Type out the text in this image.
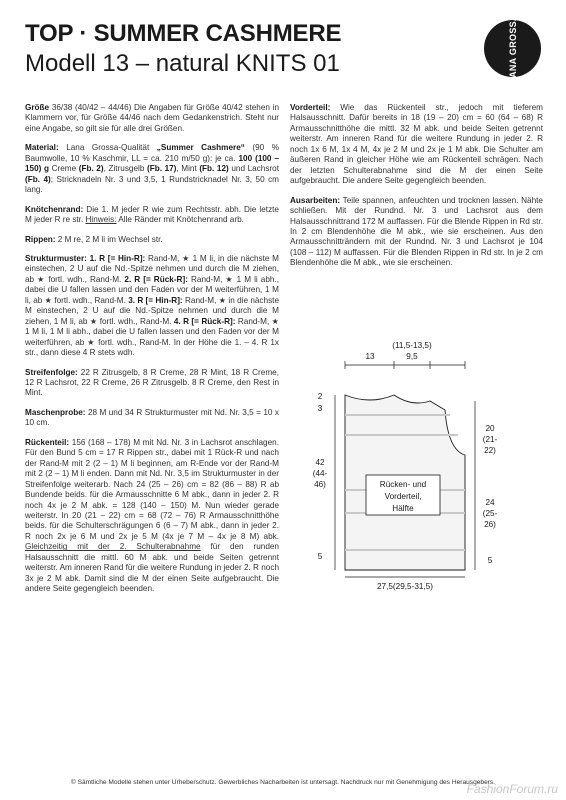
TOP · SUMMER CASHMERE
Modell 13 – natural KNITS 01	LANA GROSSA
Größe 36/38 (40/42 – 44/46) Die Angaben für Größe 40/42 stehen in Klammern vor, für Größe 44/46 nach dem Gedankenstrich. Steht nur eine Angabe, so gilt sie für alle drei Größen.
Material: Lana Grossa-Qualität „Summer Cashmere“ (90 % Baumwolle, 10 % Kaschmir, LL = ca. 210 m/50 g): je ca. 100 (100 – 150) g Creme (Fb. 2), Zitrusgelb (Fb. 17), Mint (Fb. 12) und Lachsrot (Fb. 4); Stricknadeln Nr. 3 und 3,5, 1 Rundstricknadel Nr. 3, 50 cm lang.
Knötchenrand: Die 1. M jeder R wie zum Rechtsstr. abh. Die letzte M jeder R re str. Hinweis: Alle Ränder mit Knötchenrand arb.
Rippen: 2 M re, 2 M li im Wechsel str.
Strukturmuster: 1. R [= Hin-R]: Rand-M, ★ 1 M li, in die nächste M einstechen, 2 U auf die Nd.-Spitze nehmen und durch die M ziehen, ab ★ fortl. wdh., Rand-M. 2. R [= Rück-R]: Rand-M, ★ 1 M li abh., dabei die U fallen lassen und den Faden vor der M weiterführen, 1 M li, ab ★ fortl. wdh., Rand-M. 3. R [= Hin-R]: Rand-M, ★ in die nächste M einstechen, 2 U auf die Nd.-Spitze nehmen und durch die M ziehen, 1 M li, ab ★ fortl. wdh., Rand-M. 4. R [= Rück-R]: Rand-M, ★ 1 M li, 1 M li abh., dabei die U fallen lassen und den Faden vor der M weiterführen, ab ★ fortl. wdh., Rand-M. In der Höhe die 1. – 4. R 1x str., dann diese 4 R stets wdh.
Streifenfolge: 22 R Zitrusgelb, 8 R Creme, 28 R Mint, 18 R Creme, 12 R Lachsrot, 22 R Creme, 26 R Zitrusgelb. 8 R Creme, den Rest in Mint.
Maschenprobe: 28 M und 34 R Strukturmuster mit Nd. Nr. 3,5 = 10 x 10 cm.
Rückenteil: 156 (168 – 178) M mit Nd. Nr. 3 in Lachsrot anschlagen. Für den Bund 5 cm = 17 R Rippen str., dabei mit 1 Rück-R und nach der Rand-M mit 2 (2 – 1) M li beginnen, am R-Ende vor der Rand-M mit 2 (2 – 1) M li enden. Dann mit Nd. Nr. 3,5 im Strukturmuster in der Streifenfolge weiterarb. Nach 24 (25 – 26) cm = 82 (86 – 88) R ab Bundende beids. für die Armausschnitte 6 M abk., dann in jeder 2. R noch 4x je 2 M abk. = 128 (140 – 150) M. Nun wieder gerade weiterstr. In 20 (21 – 22) cm = 68 (72 – 76) R Armausschnitthöhe beids. für die Schulterschrägungen 6 (6 – 7) M abk., dann in jeder 2. R noch 2x je 6 M und 2x je 5 M (4x je 7 M – 4x je 8 M) abk. Gleichzeitig mit der 2. Schulterabnahme für den runden Halsausschnitt die mittl. 60 M abk. und beide Seiten getrennt weiterstr. Am inneren Rand für die weitere Rundung in jeder 2. R noch 3x je 2 M abk. Damit sind die M der einen Seite aufgebraucht. Die andere Seite gegengleich beenden.
Vorderteil: Wie das Rückenteil str., jedoch mit tieferem Halsausschnitt. Dafür bereits in 18 (19 – 20) cm = 60 (64 – 68) R Armausschnitthöhe die mittl. 32 M abk. und beide Seiten getrennt weiterstr. Am inneren Rand für die weitere Rundung in jeder 2. R noch 1x 6 M, 1x 4 M, 4x je 2 M und 2x je 1 M abk. Die Schulter am äußeren Rand in gleicher Höhe wie am Rückenteil schrägen. Nach der letzten Schulterabnahme sind die M der einen Seite aufgebraucht. Die andere Seite gegengleich beenden.
Ausarbeiten: Teile spannen, anfeuchten und trocknen lassen. Nähte schließen. Mit der Rundnd. Nr. 3 und Lachsrot aus dem Halsausschnittrand 172 M auffassen. Für die Blende Rippen in Rd str. In 2 cm Blendenhöhe die M abk., wie sie erscheinen. Aus den Armausschnitträndern mit der Rundnd. Nr. 3 und Lachsrot je 104 (108 – 112) M auffassen. Für die Blenden Rippen in Rd str. In je 2 cm Blendenhöhe die M abk., wie sie erscheinen.
(11,5-13,5)
13	9,5
Rücken- und
Vorderteil,
Hälfte
2
3
42
(44-
46)
5
20
(21-
22)
24
(25-
26)
5
27,5(29,5-31,5)
© Sämtliche Modelle stehen unter Urheberschutz. Gewerbliches Nacharbeiten ist untersagt. Nachdruck nur mit Genehmigung des Herausgebers.
FashionForum.ru
